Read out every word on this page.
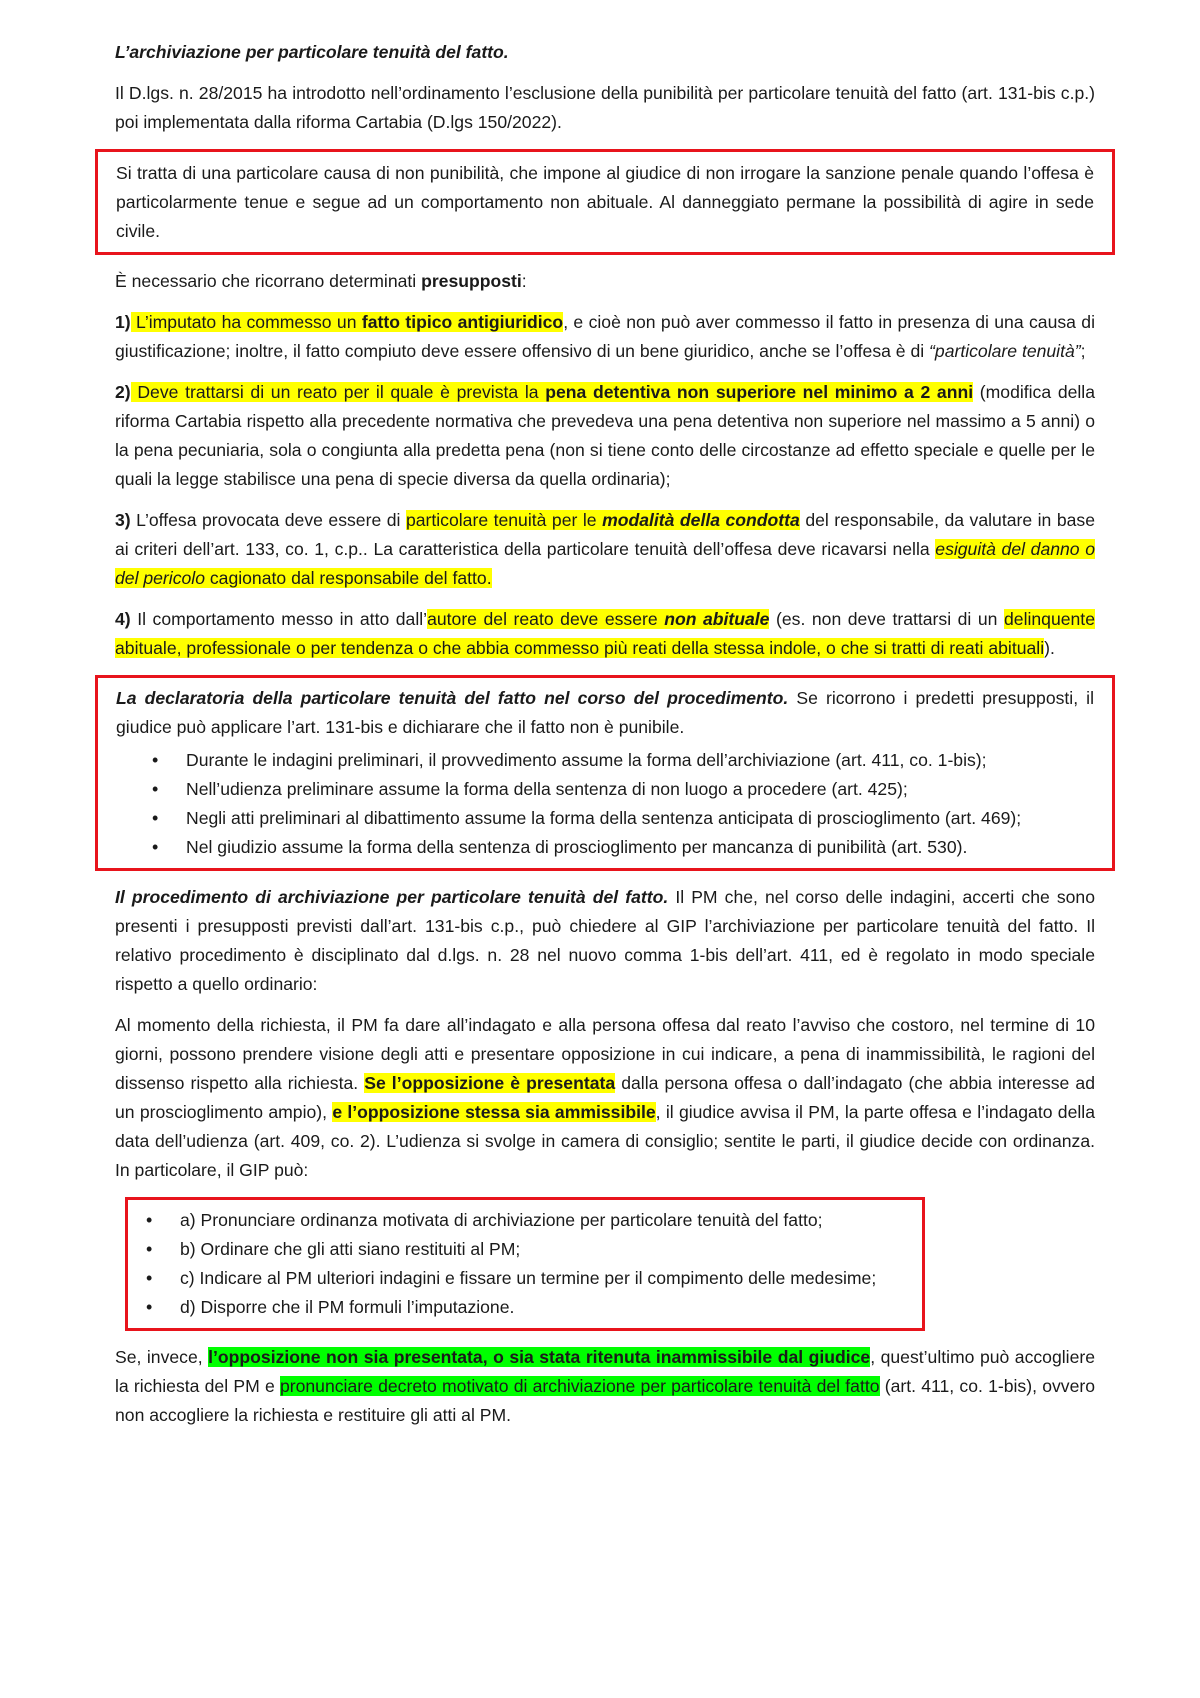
L’archiviazione per particolare tenuità del fatto.

Il D.lgs. n. 28/2015 ha introdotto nell’ordinamento l’esclusione della punibilità per particolare tenuità del fatto (art. 131-bis c.p.) poi implementata dalla riforma Cartabia (D.lgs 150/2022).

Si tratta di una particolare causa di non punibilità, che impone al giudice di non irrogare la sanzione penale quando l’offesa è particolarmente tenue e segue ad un comportamento non abituale. Al danneggiato permane la possibilità di agire in sede civile.

È necessario che ricorrano determinati presupposti:

1) L’imputato ha commesso un fatto tipico antigiuridico, e cioè non può aver commesso il fatto in presenza di una causa di giustificazione; inoltre, il fatto compiuto deve essere offensivo di un bene giuridico, anche se l’offesa è di “particolare tenuità”;

2) Deve trattarsi di un reato per il quale è prevista la pena detentiva non superiore nel minimo a 2 anni (modifica della riforma Cartabia rispetto alla precedente normativa che prevedeva una pena detentiva non superiore nel massimo a 5 anni) o la pena pecuniaria, sola o congiunta alla predetta pena (non si tiene conto delle circostanze ad effetto speciale e quelle per le quali la legge stabilisce una pena di specie diversa da quella ordinaria);

3) L’offesa provocata deve essere di particolare tenuità per le modalità della condotta del responsabile, da valutare in base ai criteri dell’art. 133, co. 1, c.p.. La caratteristica della particolare tenuità dell’offesa deve ricavarsi nella esiguità del danno o del pericolo cagionato dal responsabile del fatto.

4) Il comportamento messo in atto dall’autore del reato deve essere non abituale (es. non deve trattarsi di un delinquente abituale, professionale o per tendenza o che abbia commesso più reati della stessa indole, o che si tratti di reati abituali).

La declaratoria della particolare tenuità del fatto nel corso del procedimento. Se ricorrono i predetti presupposti, il giudice può applicare l’art. 131-bis e dichiarare che il fatto non è punibile.

• Durante le indagini preliminari, il provvedimento assume la forma dell’archiviazione (art. 411, co. 1-bis);
• Nell’udienza preliminare assume la forma della sentenza di non luogo a procedere (art. 425);
• Negli atti preliminari al dibattimento assume la forma della sentenza anticipata di proscioglimento (art. 469);
• Nel giudizio assume la forma della sentenza di proscioglimento per mancanza di punibilità (art. 530).

Il procedimento di archiviazione per particolare tenuità del fatto. Il PM che, nel corso delle indagini, accerti che sono presenti i presupposti previsti dall’art. 131-bis c.p., può chiedere al GIP l’archiviazione per particolare tenuità del fatto. Il relativo procedimento è disciplinato dal d.lgs. n. 28 nel nuovo comma 1-bis dell’art. 411, ed è regolato in modo speciale rispetto a quello ordinario:

Al momento della richiesta, il PM fa dare all’indagato e alla persona offesa dal reato l’avviso che costoro, nel termine di 10 giorni, possono prendere visione degli atti e presentare opposizione in cui indicare, a pena di inammissibilità, le ragioni del dissenso rispetto alla richiesta. Se l’opposizione è presentata dalla persona offesa o dall’indagato (che abbia interesse ad un proscioglimento ampio), e l’opposizione stessa sia ammissibile, il giudice avvisa il PM, la parte offesa e l’indagato della data dell’udienza (art. 409, co. 2). L’udienza si svolge in camera di consiglio; sentite le parti, il giudice decide con ordinanza. In particolare, il GIP può:

• a) Pronunciare ordinanza motivata di archiviazione per particolare tenuità del fatto;
• b) Ordinare che gli atti siano restituiti al PM;
• c) Indicare al PM ulteriori indagini e fissare un termine per il compimento delle medesime;
• d) Disporre che il PM formuli l’imputazione.

Se, invece, l’opposizione non sia presentata, o sia stata ritenuta inammissibile dal giudice, quest’ultimo può accogliere la richiesta del PM e pronunciare decreto motivato di archiviazione per particolare tenuità del fatto (art. 411, co. 1-bis), ovvero non accogliere la richiesta e restituire gli atti al PM.
